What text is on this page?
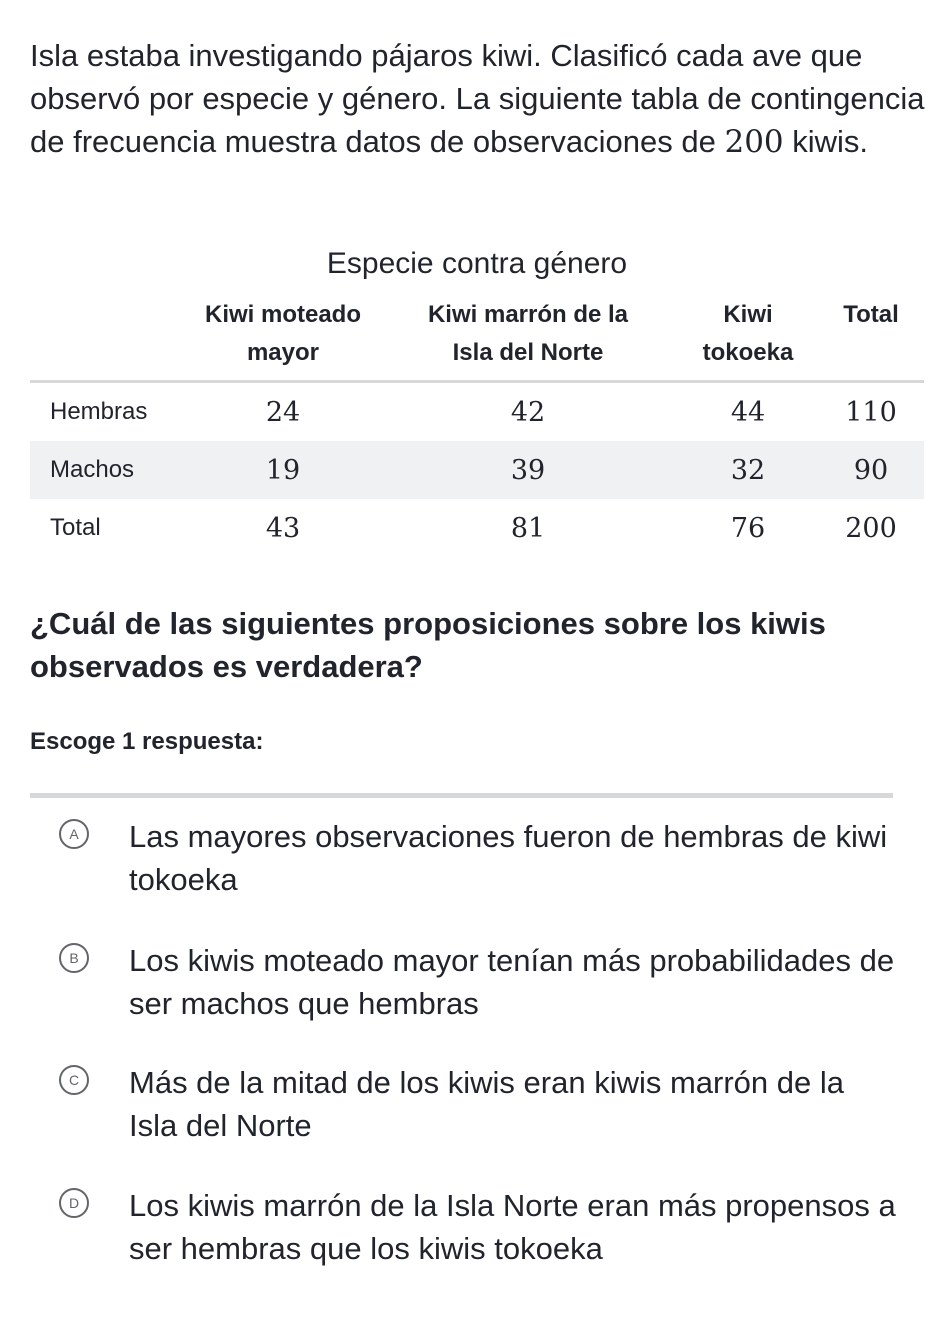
Isla estaba investigando pájaros kiwi. Clasificó cada ave que observó por especie y género. La siguiente tabla de contingencia de frecuencia muestra datos de observaciones de 200 kiwis.

Especie contra género
	Kiwi moteado mayor	Kiwi marrón de la Isla del Norte	Kiwi tokoeka	Total
Hembras	24	42	44	110
Machos	19	39	32	90
Total	43	81	76	200
¿Cuál de las siguientes proposiciones sobre los kiwis observados es verdadera?
Escoge 1 respuesta:
A	Las mayores observaciones fueron de hembras de kiwi tokoeka
B	Los kiwis moteado mayor tenían más probabilidades de ser machos que hembras
C	Más de la mitad de los kiwis eran kiwis marrón de la Isla del Norte
D	Los kiwis marrón de la Isla Norte eran más propensos a ser hembras que los kiwis tokoeka
